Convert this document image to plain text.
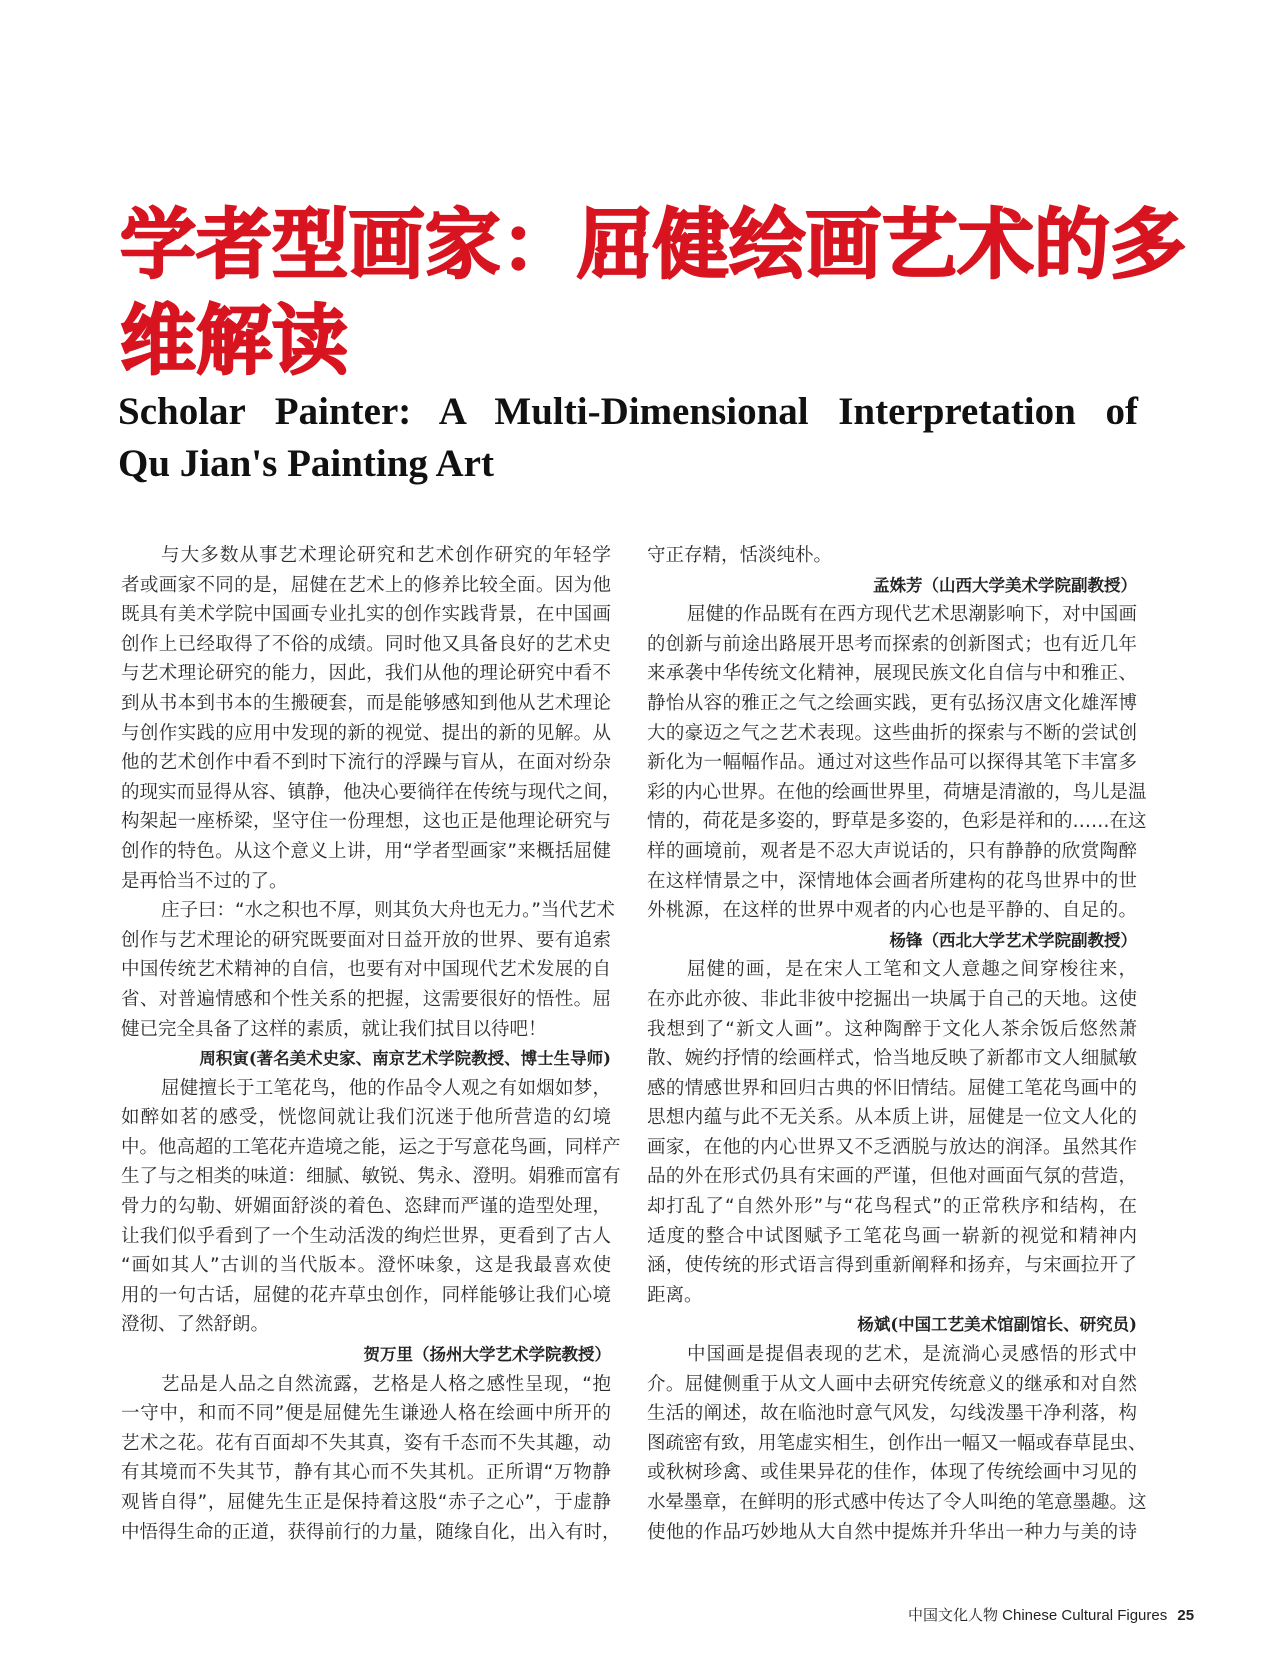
学者型画家：屈健绘画艺术的多
维解读
Scholar Painter: A Multi-Dimensional Interpretation of
Qu Jian's Painting Art
与大多数从事艺术理论研究和艺术创作研究的年轻学
者或画家不同的是，屈健在艺术上的修养比较全面。因为他
既具有美术学院中国画专业扎实的创作实践背景，在中国画
创作上已经取得了不俗的成绩。同时他又具备良好的艺术史
与艺术理论研究的能力，因此，我们从他的理论研究中看不
到从书本到书本的生搬硬套，而是能够感知到他从艺术理论
与创作实践的应用中发现的新的视觉、提出的新的见解。从
他的艺术创作中看不到时下流行的浮躁与盲从，在面对纷杂
的现实而显得从容、镇静，他决心要徜徉在传统与现代之间，
构架起一座桥梁，坚守住一份理想，这也正是他理论研究与
创作的特色。从这个意义上讲，用“学者型画家”来概括屈健
是再恰当不过的了。
庄子曰：“水之积也不厚，则其负大舟也无力。”当代艺术
创作与艺术理论的研究既要面对日益开放的世界、要有追索
中国传统艺术精神的自信，也要有对中国现代艺术发展的自
省、对普遍情感和个性关系的把握，这需要很好的悟性。屈
健已完全具备了这样的素质，就让我们拭目以待吧！
周积寅(著名美术史家、南京艺术学院教授、博士生导师)
屈健擅长于工笔花鸟，他的作品令人观之有如烟如梦，
如醉如茗的感受，恍惚间就让我们沉迷于他所营造的幻境
中。他高超的工笔花卉造境之能，运之于写意花鸟画，同样产
生了与之相类的味道：细腻、敏锐、隽永、澄明。娟雅而富有
骨力的勾勒、妍媚面舒淡的着色、恣肆而严谨的造型处理，
让我们似乎看到了一个生动活泼的绚烂世界，更看到了古人
“画如其人”古训的当代版本。澄怀味象，这是我最喜欢使
用的一句古话，屈健的花卉草虫创作，同样能够让我们心境
澄彻、了然舒朗。
贺万里（扬州大学艺术学院教授）
艺品是人品之自然流露，艺格是人格之感性呈现，“抱
一守中，和而不同”便是屈健先生谦逊人格在绘画中所开的
艺术之花。花有百面却不失其真，姿有千态而不失其趣，动
有其境而不失其节，静有其心而不失其机。正所谓“万物静
观皆自得”，屈健先生正是保持着这股“赤子之心”，于虚静
中悟得生命的正道，获得前行的力量，随缘自化，出入有时，
守正存精，恬淡纯朴。
孟姝芳（山西大学美术学院副教授）
屈健的作品既有在西方现代艺术思潮影响下，对中国画
的创新与前途出路展开思考而探索的创新图式；也有近几年
来承袭中华传统文化精神，展现民族文化自信与中和雅正、
静怡从容的雅正之气之绘画实践，更有弘扬汉唐文化雄浑博
大的豪迈之气之艺术表现。这些曲折的探索与不断的尝试创
新化为一幅幅作品。通过对这些作品可以探得其笔下丰富多
彩的内心世界。在他的绘画世界里，荷塘是清澈的，鸟儿是温
情的，荷花是多姿的，野草是多姿的，色彩是祥和的……在这
样的画境前，观者是不忍大声说话的，只有静静的欣赏陶醉
在这样情景之中，深情地体会画者所建构的花鸟世界中的世
外桃源，在这样的世界中观者的内心也是平静的、自足的。
杨锋（西北大学艺术学院副教授）
屈健的画，是在宋人工笔和文人意趣之间穿梭往来，
在亦此亦彼、非此非彼中挖掘出一块属于自己的天地。这使
我想到了“新文人画”。这种陶醉于文化人茶余饭后悠然萧
散、婉约抒情的绘画样式，恰当地反映了新都市文人细腻敏
感的情感世界和回归古典的怀旧情结。屈健工笔花鸟画中的
思想内蕴与此不无关系。从本质上讲，屈健是一位文人化的
画家，在他的内心世界又不乏洒脱与放达的润泽。虽然其作
品的外在形式仍具有宋画的严谨，但他对画面气氛的营造，
却打乱了“自然外形”与“花鸟程式”的正常秩序和结构，在
适度的整合中试图赋予工笔花鸟画一崭新的视觉和精神内
涵，使传统的形式语言得到重新阐释和扬弃，与宋画拉开了
距离。
杨斌(中国工艺美术馆副馆长、研究员)
中国画是提倡表现的艺术，是流淌心灵感悟的形式中
介。屈健侧重于从文人画中去研究传统意义的继承和对自然
生活的阐述，故在临池时意气风发，勾线泼墨干净利落，构
图疏密有致，用笔虚实相生，创作出一幅又一幅或春草昆虫、
或秋树珍禽、或佳果异花的佳作，体现了传统绘画中习见的
水晕墨章，在鲜明的形式感中传达了令人叫绝的笔意墨趣。这
使他的作品巧妙地从大自然中提炼并升华出一种力与美的诗
中国文化人物 Chinese Cultural Figures 25
